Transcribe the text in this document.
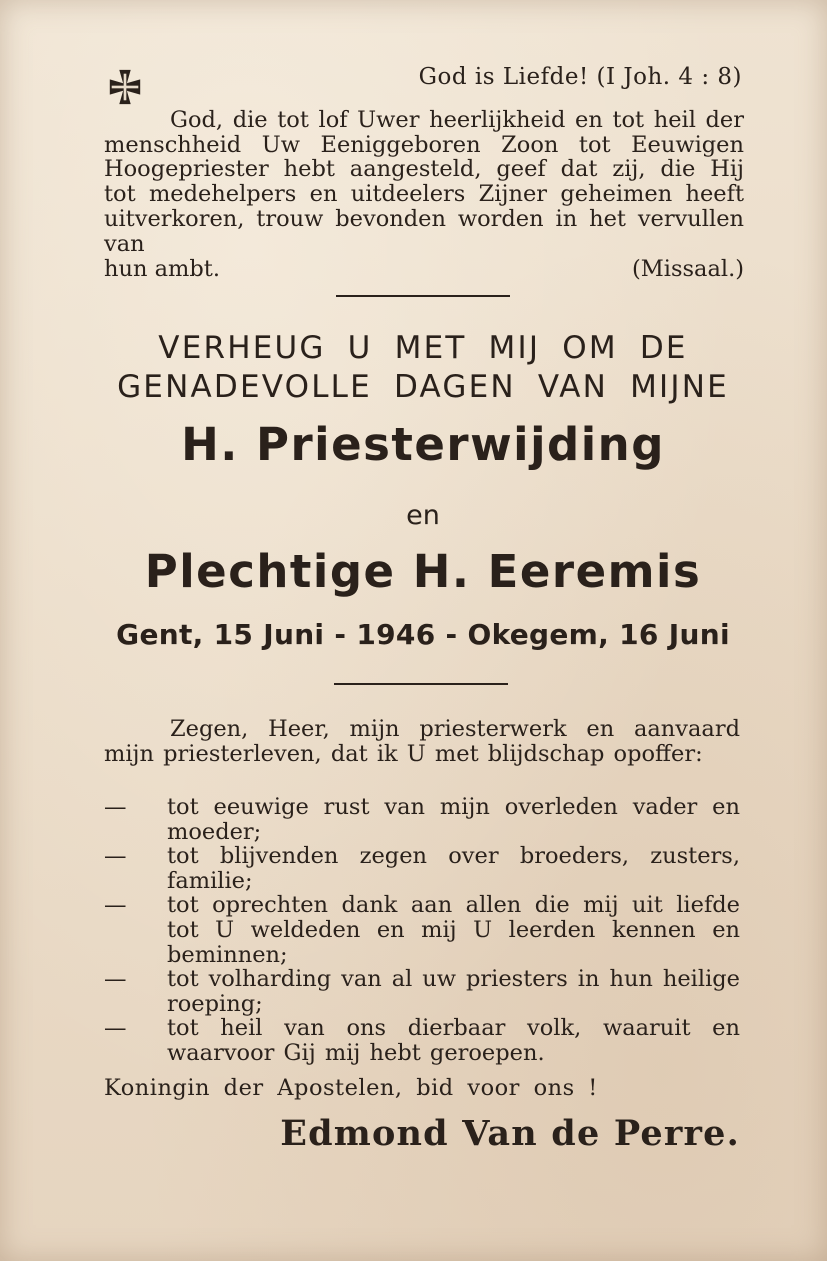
God is Liefde! (I Joh. 4 : 8)
God, die tot lof Uwer heerlijkheid en tot heil der menschheid Uw Eeniggeboren Zoon tot Eeuwigen Hoogepriester hebt aangesteld, geef dat zij, die Hij tot medehelpers en uitdeelers Zijner geheimen heeft uitverkoren, trouw bevonden worden in het vervullen van
hun ambt.	(Missaal.)
VERHEUG U MET MIJ OM DE
GENADEVOLLE DAGEN VAN MIJNE
H. Priesterwijding
en
Plechtige H. Eeremis
Gent, 15 Juni - 1946 - Okegem, 16 Juni
Zegen, Heer, mijn priesterwerk en aanvaard mijn priesterleven, dat ik U met blijdschap opoffer:
—	tot eeuwige rust van mijn overleden vader en moeder;
—	tot blijvenden zegen over broeders, zusters, familie;
—	tot oprechten dank aan allen die mij uit liefde tot U weldeden en mij U leerden kennen en beminnen;
—	tot volharding van al uw priesters in hun heilige roeping;
—	tot heil van ons dierbaar volk, waaruit en waarvoor Gij mij hebt geroepen.
Koningin der Apostelen, bid voor ons !
Edmond Van de Perre.
